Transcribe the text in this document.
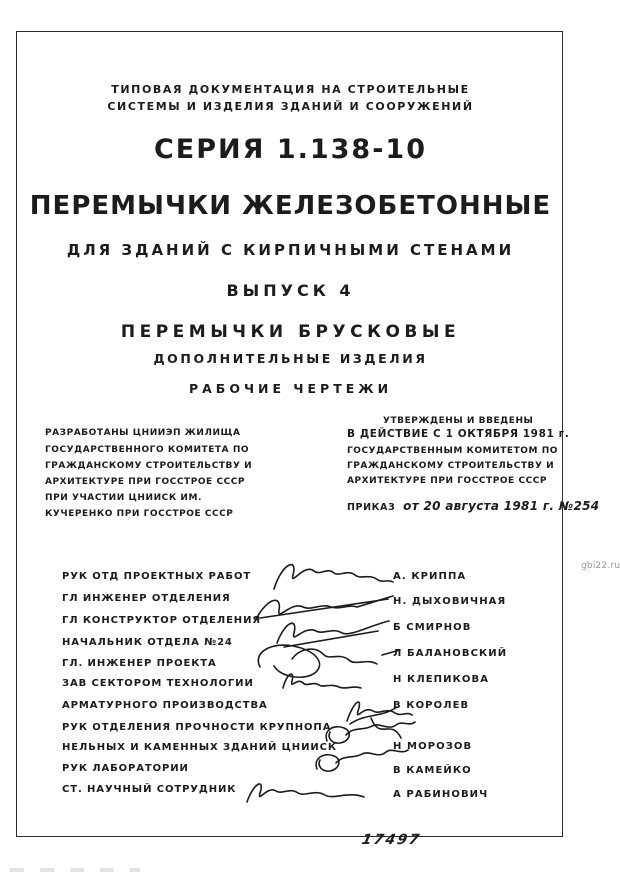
ТИПОВАЯ ДОКУМЕНТАЦИЯ НА СТРОИТЕЛЬНЫЕ
СИСТЕМЫ И ИЗДЕЛИЯ ЗДАНИЙ И СООРУЖЕНИЙ
СЕРИЯ 1.138-10
ПЕРЕМЫЧКИ ЖЕЛЕЗОБЕТОННЫЕ
ДЛЯ ЗДАНИЙ С КИРПИЧНЫМИ СТЕНАМИ
ВЫПУСК 4
ПЕРЕМЫЧКИ БРУСКОВЫЕ
ДОПОЛНИТЕЛЬНЫЕ ИЗДЕЛИЯ
РАБОЧИЕ ЧЕРТЕЖИ
РАЗРАБОТАНЫ ЦНИИЭП ЖИЛИЩА
ГОСУДАРСТВЕННОГО КОМИТЕТА ПО
ГРАЖДАНСКОМУ СТРОИТЕЛЬСТВУ И
АРХИТЕКТУРЕ ПРИ ГОССТРОЕ СССР
ПРИ УЧАСТИИ ЦНИИСК ИМ.
КУЧЕРЕНКО ПРИ ГОССТРОЕ СССР
УТВЕРЖДЕНЫ И ВВЕДЕНЫ
В ДЕЙСТВИЕ С 1 ОКТЯБРЯ 1981 г.
ГОСУДАРСТВЕННЫМ КОМИТЕТОМ ПО
ГРАЖДАНСКОМУ СТРОИТЕЛЬСТВУ И
АРХИТЕКТУРЕ ПРИ ГОССТРОЕ СССР
ПРИКАЗ от 20 августа 1981 г. №254
РУК ОТД ПРОЕКТНЫХ РАБОТ
ГЛ ИНЖЕНЕР ОТДЕЛЕНИЯ
ГЛ КОНСТРУКТОР ОТДЕЛЕНИЯ
НАЧАЛЬНИК ОТДЕЛА №24
ГЛ. ИНЖЕНЕР ПРОЕКТА
ЗАВ СЕКТОРОМ ТЕХНОЛОГИИ
АРМАТУРНОГО ПРОИЗВОДСТВА
РУК ОТДЕЛЕНИЯ ПРОЧНОСТИ КРУПНОПА-
НЕЛЬНЫХ И КАМЕННЫХ ЗДАНИЙ ЦНИИСК
РУК ЛАБОРАТОРИИ
СТ. НАУЧНЫЙ СОТРУДНИК
А. КРИППА
Н. ДЫХОВИЧНАЯ
Б СМИРНОВ
Л БАЛАНОВСКИЙ
Н КЛЕПИКОВА
В КОРОЛЕВ
Н МОРОЗОВ
В КАМЕЙКО
А РАБИНОВИЧ
gbi22.ru
17497
